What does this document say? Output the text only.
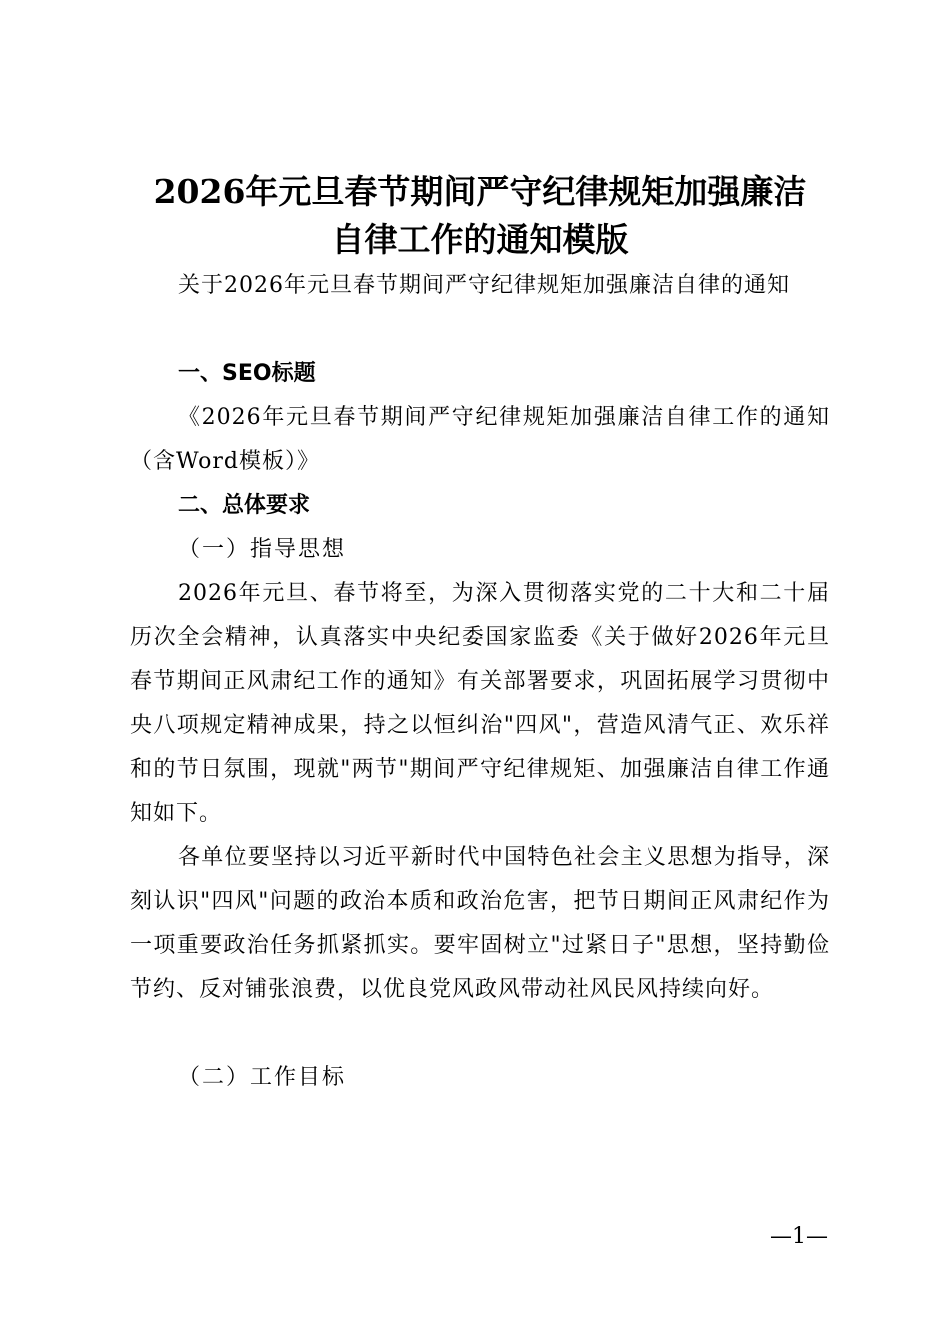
2026年元旦春节期间严守纪律规矩加强廉洁
自律工作的通知模版

关于2026年元旦春节期间严守纪律规矩加强廉洁自律的通知

一、SEO标题

《2026年元旦春节期间严守纪律规矩加强廉洁自律工作的通知（含Word模板）》

二、总体要求

（一）指导思想

2026年元旦、春节将至，为深入贯彻落实党的二十大和二十届历次全会精神，认真落实中央纪委国家监委《关于做好2026年元旦春节期间正风肃纪工作的通知》有关部署要求，巩固拓展学习贯彻中央八项规定精神成果，持之以恒纠治"四风"，营造风清气正、欢乐祥和的节日氛围，现就"两节"期间严守纪律规矩、加强廉洁自律工作通知如下。

各单位要坚持以习近平新时代中国特色社会主义思想为指导，深刻认识"四风"问题的政治本质和政治危害，把节日期间正风肃纪作为一项重要政治任务抓紧抓实。要牢固树立"过紧日子"思想，坚持勤俭节约、反对铺张浪费，以优良党风政风带动社风民风持续向好。

（二）工作目标

—1—
